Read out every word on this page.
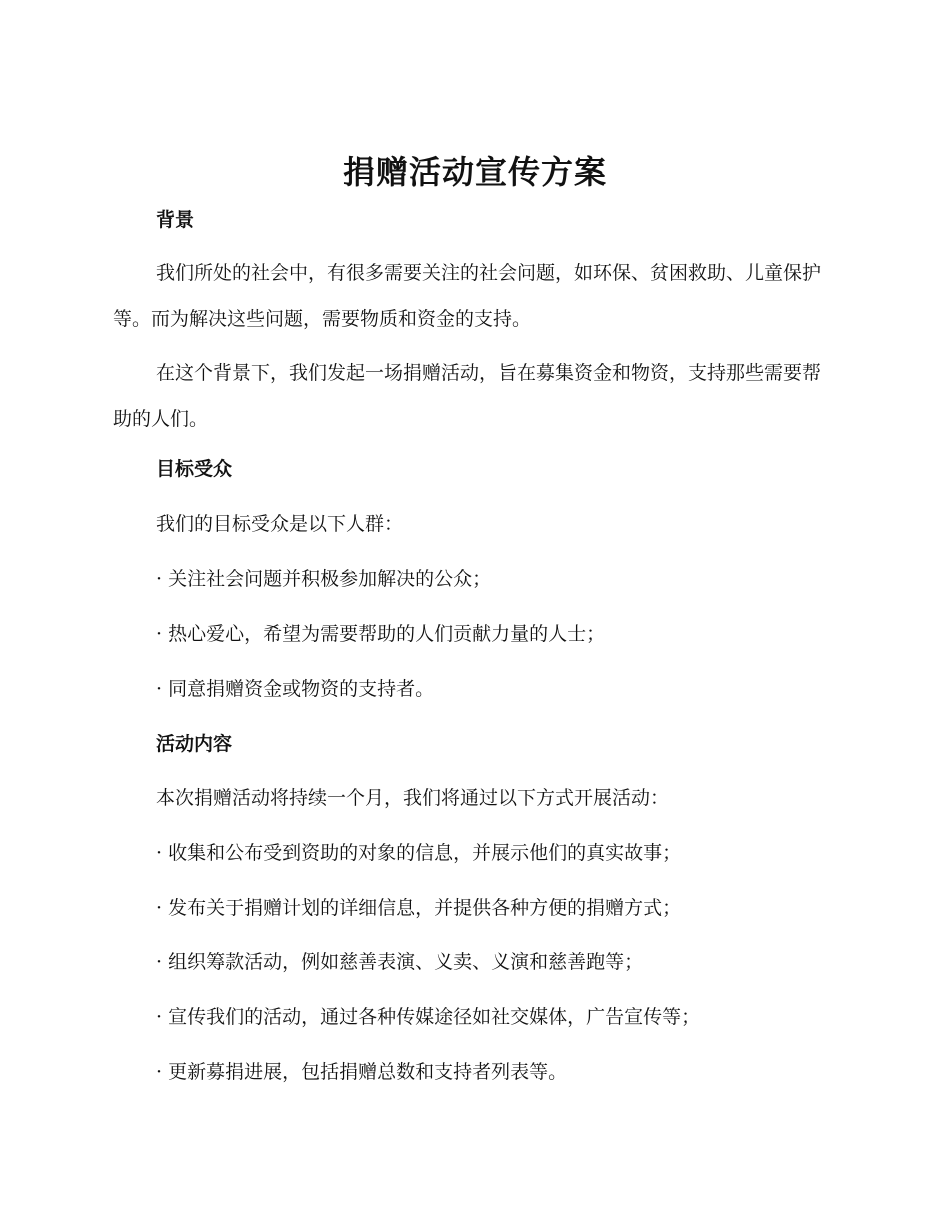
捐赠活动宣传方案
背景
我们所处的社会中，有很多需要关注的社会问题，如环保、贫困救助、儿童保护等。而为解决这些问题，需要物质和资金的支持。
在这个背景下，我们发起一场捐赠活动，旨在募集资金和物资，支持那些需要帮助的人们。
目标受众
我们的目标受众是以下人群：
· 关注社会问题并积极参加解决的公众；
· 热心爱心，希望为需要帮助的人们贡献力量的人士；
· 同意捐赠资金或物资的支持者。
活动内容
本次捐赠活动将持续一个月，我们将通过以下方式开展活动：
· 收集和公布受到资助的对象的信息，并展示他们的真实故事；
· 发布关于捐赠计划的详细信息，并提供各种方便的捐赠方式；
· 组织筹款活动，例如慈善表演、义卖、义演和慈善跑等；
· 宣传我们的活动，通过各种传媒途径如社交媒体，广告宣传等；
· 更新募捐进展，包括捐赠总数和支持者列表等。
